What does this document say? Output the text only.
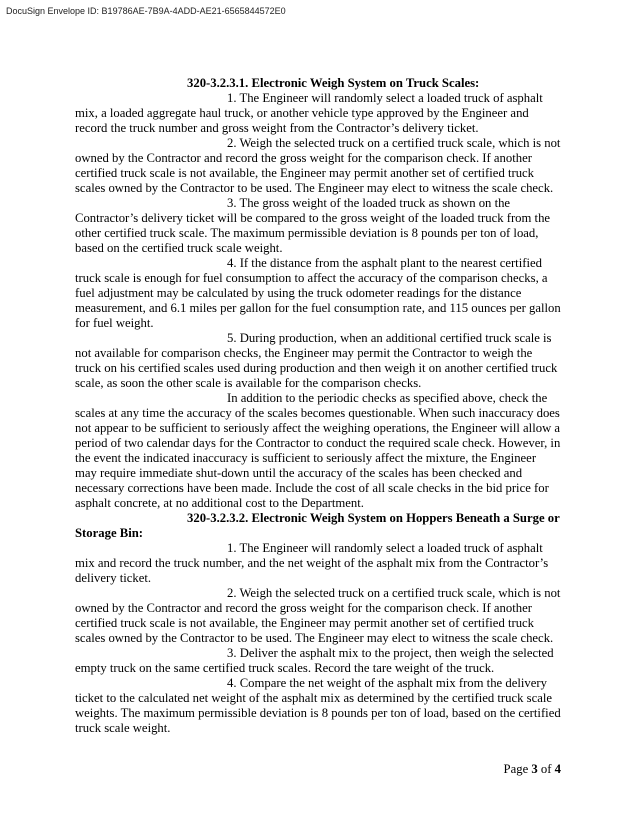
DocuSign Envelope ID: B19786AE-7B9A-4ADD-AE21-6565844572E0

320-3.2.3.1. Electronic Weigh System on Truck Scales:

1. The Engineer will randomly select a loaded truck of asphalt mix, a loaded aggregate haul truck, or another vehicle type approved by the Engineer and record the truck number and gross weight from the Contractor’s delivery ticket.

2. Weigh the selected truck on a certified truck scale, which is not owned by the Contractor and record the gross weight for the comparison check. If another certified truck scale is not available, the Engineer may permit another set of certified truck scales owned by the Contractor to be used. The Engineer may elect to witness the scale check.

3. The gross weight of the loaded truck as shown on the Contractor’s delivery ticket will be compared to the gross weight of the loaded truck from the other certified truck scale. The maximum permissible deviation is 8 pounds per ton of load, based on the certified truck scale weight.

4. If the distance from the asphalt plant to the nearest certified truck scale is enough for fuel consumption to affect the accuracy of the comparison checks, a fuel adjustment may be calculated by using the truck odometer readings for the distance measurement, and 6.1 miles per gallon for the fuel consumption rate, and 115 ounces per gallon for fuel weight.

5. During production, when an additional certified truck scale is not available for comparison checks, the Engineer may permit the Contractor to weigh the truck on his certified scales used during production and then weigh it on another certified truck scale, as soon the other scale is available for the comparison checks.

In addition to the periodic checks as specified above, check the scales at any time the accuracy of the scales becomes questionable. When such inaccuracy does not appear to be sufficient to seriously affect the weighing operations, the Engineer will allow a period of two calendar days for the Contractor to conduct the required scale check. However, in the event the indicated inaccuracy is sufficient to seriously affect the mixture, the Engineer may require immediate shut-down until the accuracy of the scales has been checked and necessary corrections have been made. Include the cost of all scale checks in the bid price for asphalt concrete, at no additional cost to the Department.

320-3.2.3.2. Electronic Weigh System on Hoppers Beneath a Surge or Storage Bin:

1. The Engineer will randomly select a loaded truck of asphalt mix and record the truck number, and the net weight of the asphalt mix from the Contractor’s delivery ticket.

2. Weigh the selected truck on a certified truck scale, which is not owned by the Contractor and record the gross weight for the comparison check. If another certified truck scale is not available, the Engineer may permit another set of certified truck scales owned by the Contractor to be used. The Engineer may elect to witness the scale check.

3. Deliver the asphalt mix to the project, then weigh the selected empty truck on the same certified truck scales. Record the tare weight of the truck.

4. Compare the net weight of the asphalt mix from the delivery ticket to the calculated net weight of the asphalt mix as determined by the certified truck scale weights. The maximum permissible deviation is 8 pounds per ton of load, based on the certified truck scale weight.

Page 3 of 4
